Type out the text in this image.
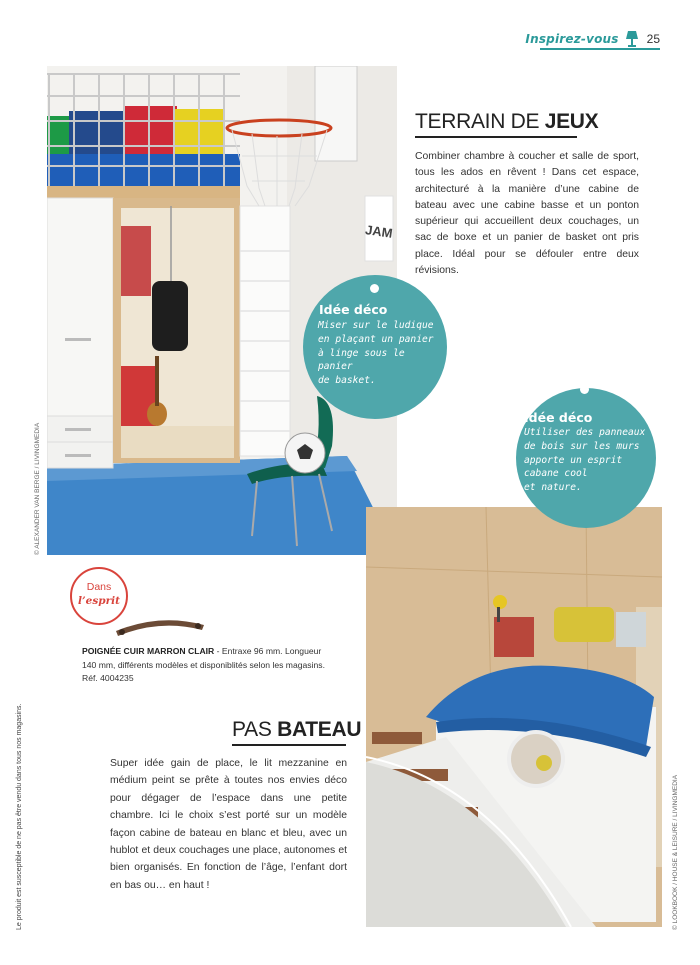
Inspirez-vous 25
JAM
© ALEXANDER VAN BERGE / LIVINGMEDIA
TERRAIN DE JEUX

Combiner chambre à coucher et salle de sport, tous les ados en rêvent ! Dans cet espace, architecturé à la manière d’une cabine de bateau avec une cabine basse et un ponton supérieur qui accueillent deux couchages, un sac de boxe et un panier de basket ont pris place. Idéal pour se défouler entre deux révisions.

© LOOKBOOK / HOUSE & LEISURE / LIVINGMEDIA
Le produit est susceptible de ne pas être vendu dans tous nos magasins.
Idée déco
Miser sur le ludique
en plaçant un panier
à linge sous le panier
de basket.
Idée déco
Utiliser des panneaux
de bois sur les murs
apporte un esprit
cabane cool
et nature.
Dans
l’esprit

POIGNÉE CUIR MARRON CLAIR - Entraxe 96 mm. Longueur 140 mm, différents modèles et disponiblités selon les magasins. Réf. 4004235

PAS BATEAU

Super idée gain de place, le lit mezzanine en médium peint se prête à toutes nos envies déco pour dégager de l’espace dans une petite chambre. Ici le choix s’est porté sur un modèle façon cabine de bateau en blanc et bleu, avec un hublot et deux couchages une place, autonomes et bien organisés. En fonction de l’âge, l’enfant dort en bas ou… en haut !
